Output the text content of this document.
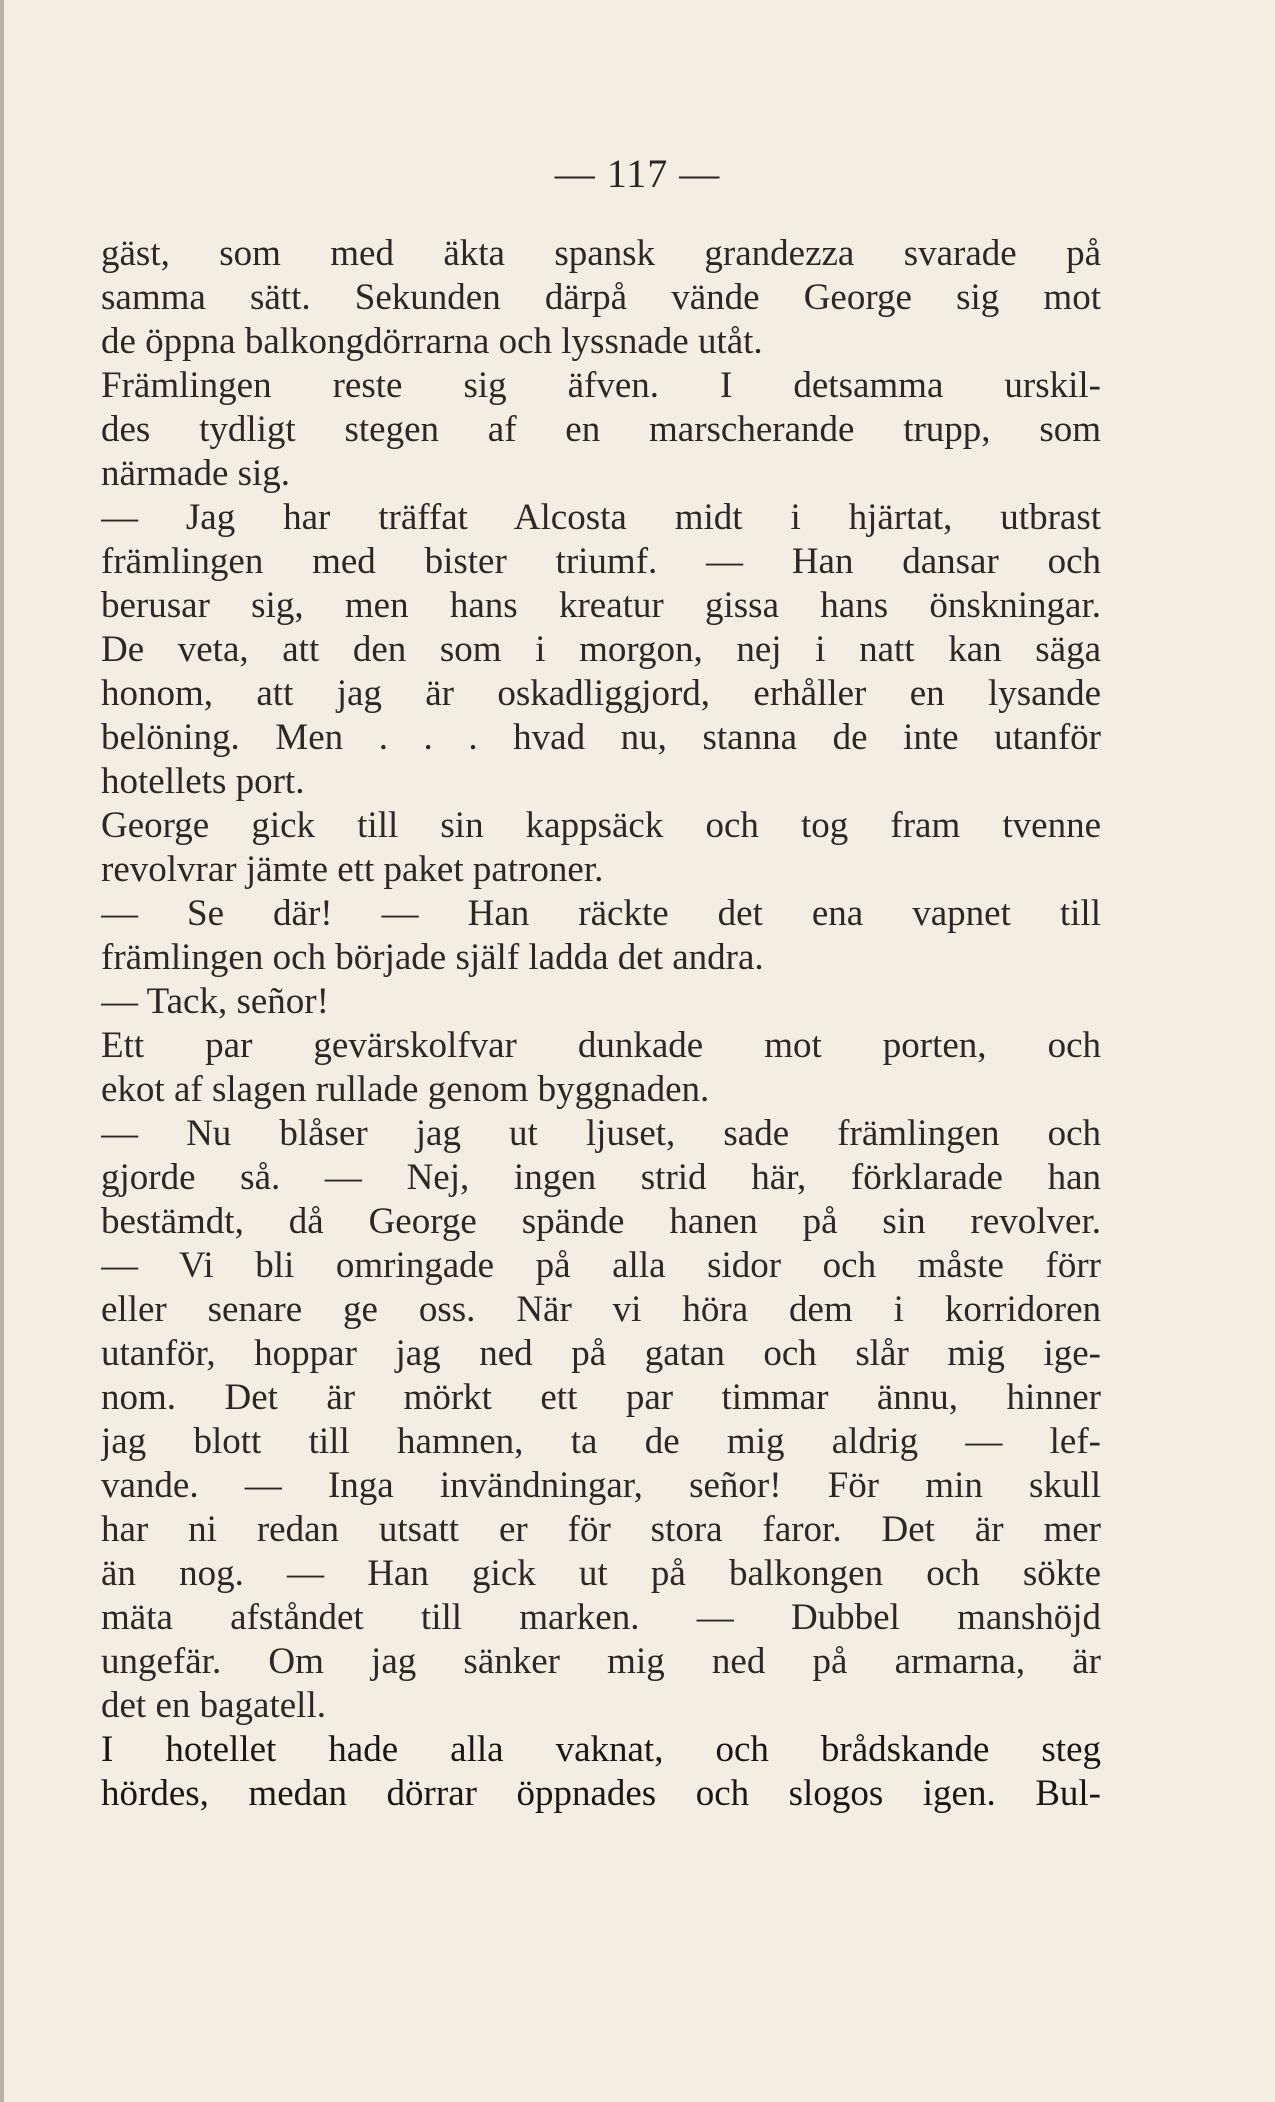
— 117 —
gäst, som med äkta spansk grandezza svarade på
samma sätt. Sekunden därpå vände George sig mot
de öppna balkongdörrarna och lyssnade utåt.
Främlingen reste sig äfven. I detsamma urskil-
des tydligt stegen af en marscherande trupp, som
närmade sig.
— Jag har träffat Alcosta midt i hjärtat, utbrast
främlingen med bister triumf. — Han dansar och
berusar sig, men hans kreatur gissa hans önskningar.
De veta, att den som i morgon, nej i natt kan säga
honom, att jag är oskadliggjord, erhåller en lysande
belöning. Men . . . hvad nu, stanna de inte utanför
hotellets port.
George gick till sin kappsäck och tog fram tvenne
revolvrar jämte ett paket patroner.
— Se där! — Han räckte det ena vapnet till
främlingen och började själf ladda det andra.
— Tack, señor!
Ett par gevärskolfvar dunkade mot porten, och
ekot af slagen rullade genom byggnaden.
— Nu blåser jag ut ljuset, sade främlingen och
gjorde så. — Nej, ingen strid här, förklarade han
bestämdt, då George spände hanen på sin revolver.
— Vi bli omringade på alla sidor och måste förr
eller senare ge oss. När vi höra dem i korridoren
utanför, hoppar jag ned på gatan och slår mig ige-
nom. Det är mörkt ett par timmar ännu, hinner
jag blott till hamnen, ta de mig aldrig — lef-
vande. — Inga invändningar, señor! För min skull
har ni redan utsatt er för stora faror. Det är mer
än nog. — Han gick ut på balkongen och sökte
mäta afståndet till marken. — Dubbel manshöjd
ungefär. Om jag sänker mig ned på armarna, är
det en bagatell.
I hotellet hade alla vaknat, och brådskande steg
hördes, medan dörrar öppnades och slogos igen. Bul-
